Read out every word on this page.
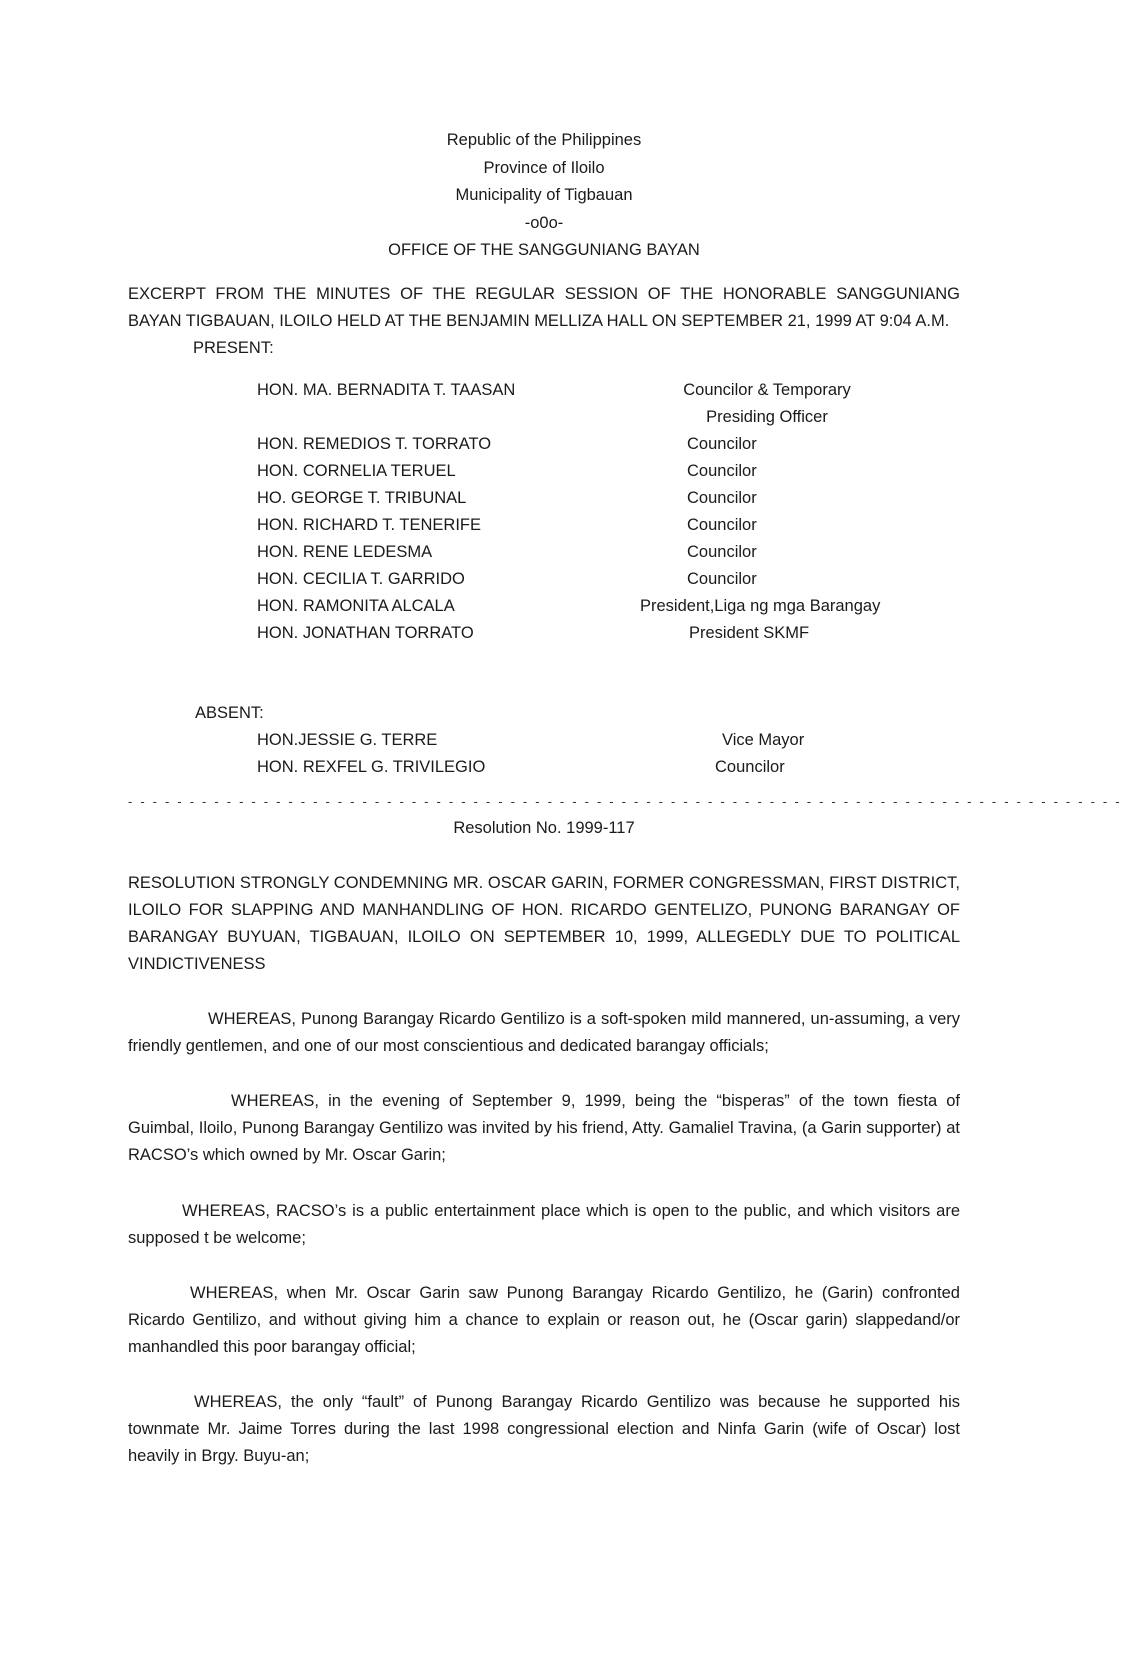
Republic of the Philippines
Province of Iloilo
Municipality of Tigbauan
-o0o-
OFFICE OF THE SANGGUNIANG BAYAN
EXCERPT FROM THE MINUTES OF THE REGULAR SESSION OF THE HONORABLE SANGGUNIANG BAYAN TIGBAUAN, ILOILO HELD AT THE BENJAMIN MELLIZA HALL ON SEPTEMBER 21, 1999 AT 9:04 A.M.
PRESENT:
HON. MA. BERNADITA T. TAASAN	Councilor & Temporary
Presiding Officer
HON. REMEDIOS T. TORRATO	Councilor
HON. CORNELIA TERUEL	Councilor
HO. GEORGE T. TRIBUNAL	Councilor
HON. RICHARD T. TENERIFE	Councilor
HON. RENE LEDESMA	Councilor
HON. CECILIA T. GARRIDO	Councilor
HON. RAMONITA ALCALA	President,Liga ng mga Barangay
HON. JONATHAN TORRATO	President SKMF
ABSENT:
HON.JESSIE G. TERRE	Vice Mayor
HON. REXFEL G. TRIVILEGIO	Councilor
- - - - - - - - - - - - - - - - - - - - - - - - - - - - - - - - - - - - - - - - - - - - - - - - - - - - - - - - - - - - - - - - - - - - - - - - - - - - - - - - -
Resolution No. 1999-117
RESOLUTION STRONGLY CONDEMNING MR. OSCAR GARIN, FORMER CONGRESSMAN, FIRST DISTRICT, ILOILO FOR SLAPPING AND MANHANDLING OF HON. RICARDO GENTELIZO, PUNONG BARANGAY OF BARANGAY BUYUAN, TIGBAUAN, ILOILO ON SEPTEMBER 10, 1999, ALLEGEDLY DUE TO POLITICAL VINDICTIVENESS
WHEREAS, Punong Barangay Ricardo Gentilizo is a soft-spoken mild mannered, un-assuming, a very friendly gentlemen, and one of our most conscientious and dedicated barangay officials;
WHEREAS, in the evening of September 9, 1999, being the “bisperas” of the town fiesta of Guimbal, Iloilo, Punong Barangay Gentilizo was invited by his friend, Atty. Gamaliel Travina, (a Garin supporter) at RACSO’s which owned by Mr. Oscar Garin;
WHEREAS, RACSO’s is a public entertainment place which is open to the public, and which visitors are supposed t be welcome;
WHEREAS, when Mr. Oscar Garin saw Punong Barangay Ricardo Gentilizo, he (Garin) confronted Ricardo Gentilizo, and without giving him a chance to explain or reason out, he (Oscar garin) slappedand/or manhandled this poor barangay official;
WHEREAS, the only “fault” of Punong Barangay Ricardo Gentilizo was because he supported his townmate Mr. Jaime Torres during the last 1998 congressional election and Ninfa Garin (wife of Oscar) lost heavily in Brgy. Buyu-an;
